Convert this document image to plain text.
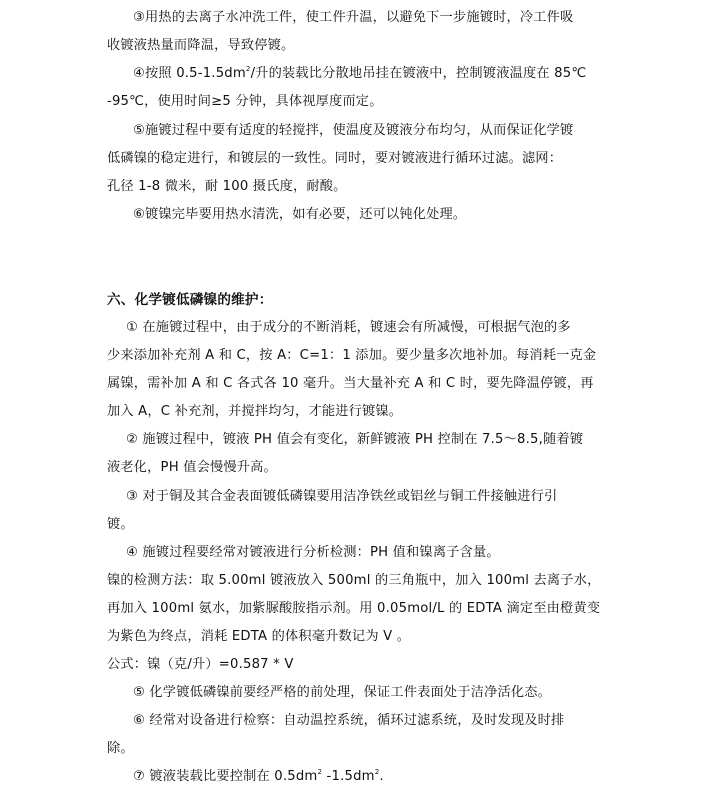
③用热的去离子水冲洗工件，使工件升温，以避免下一步施镀时，冷工件吸
收镀液热量而降温，导致停镀。
④按照 $0.5-1.5dm^2/$升的装载比分散地吊挂在镀液中，控制镀液温度在 85℃
-95℃，使用时间≥5 分钟，具体视厚度而定。
⑤施镀过程中要有适度的轻搅拌，使温度及镀液分布均匀，从而保证化学镀
低磷镍的稳定进行，和镀层的一致性。同时，要对镀液进行循环过滤。滤网：
孔径 1-8 微米，耐 100 摄氏度，耐酸。
⑥镀镍完毕要用热水清洗，如有必要，还可以钝化处理。
六、化学镀低磷镍的维护：
① 在施镀过程中，由于成分的不断消耗，镀速会有所减慢，可根据气泡的多
少来添加补充剂 A 和 C，按 A：C=1：1 添加。要少量多次地补加。每消耗一克金
属镍，需补加 A 和 C 各式各 10 毫升。当大量补充 A 和 C 时，要先降温停镀，再
加入 A，C 补充剂，并搅拌均匀，才能进行镀镍。
② 施镀过程中，镀液 PH 值会有变化，新鲜镀液 PH 控制在 7.5～8.5,随着镀
液老化，PH 值会慢慢升高。
③ 对于铜及其合金表面镀低磷镍要用洁净铁丝或铝丝与铜工件接触进行引
镀。
④ 施镀过程要经常对镀液进行分析检测：PH 值和镍离子含量。
镍的检测方法：取 5.00ml 镀液放入 500ml 的三角瓶中，加入 100ml 去离子水，
再加入 100ml 氨水，加紫脲酸胺指示剂。用 0.05mol/L 的 EDTA 滴定至由橙黄变
为紫色为终点，消耗 EDTA 的体积毫升数记为 V 。
公式：镍（克/升）=0.587 * V
⑤ 化学镀低磷镍前要经严格的前处理，保证工件表面处于洁净活化态。
⑥ 经常对设备进行检察：自动温控系统，循环过滤系统，及时发现及时排
除。
⑦ 镀液装载比要控制在 $0.5dm^2$ $-1.5dm^2$.
